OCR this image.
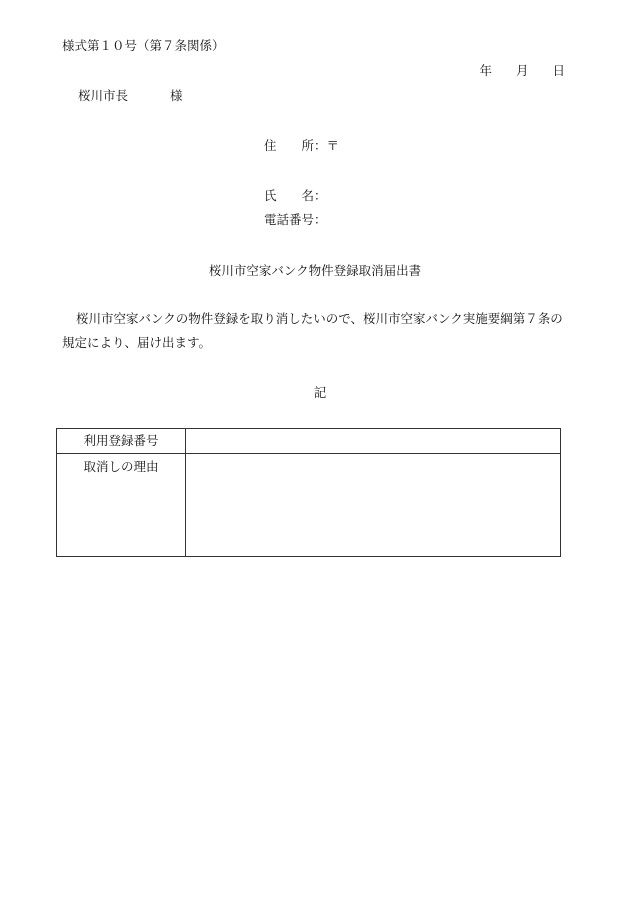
様式第１０号（第７条関係）
年 月 日
桜川市長	様
住　　所：〒
氏　　名：
電話番号：
桜川市空家バンク物件登録取消届出書
桜川市空家バンクの物件登録を取り消したいので、桜川市空家バンク実施要綱第７条の規定により、届け出ます。
記
利用登録番号	
取消しの理由	
